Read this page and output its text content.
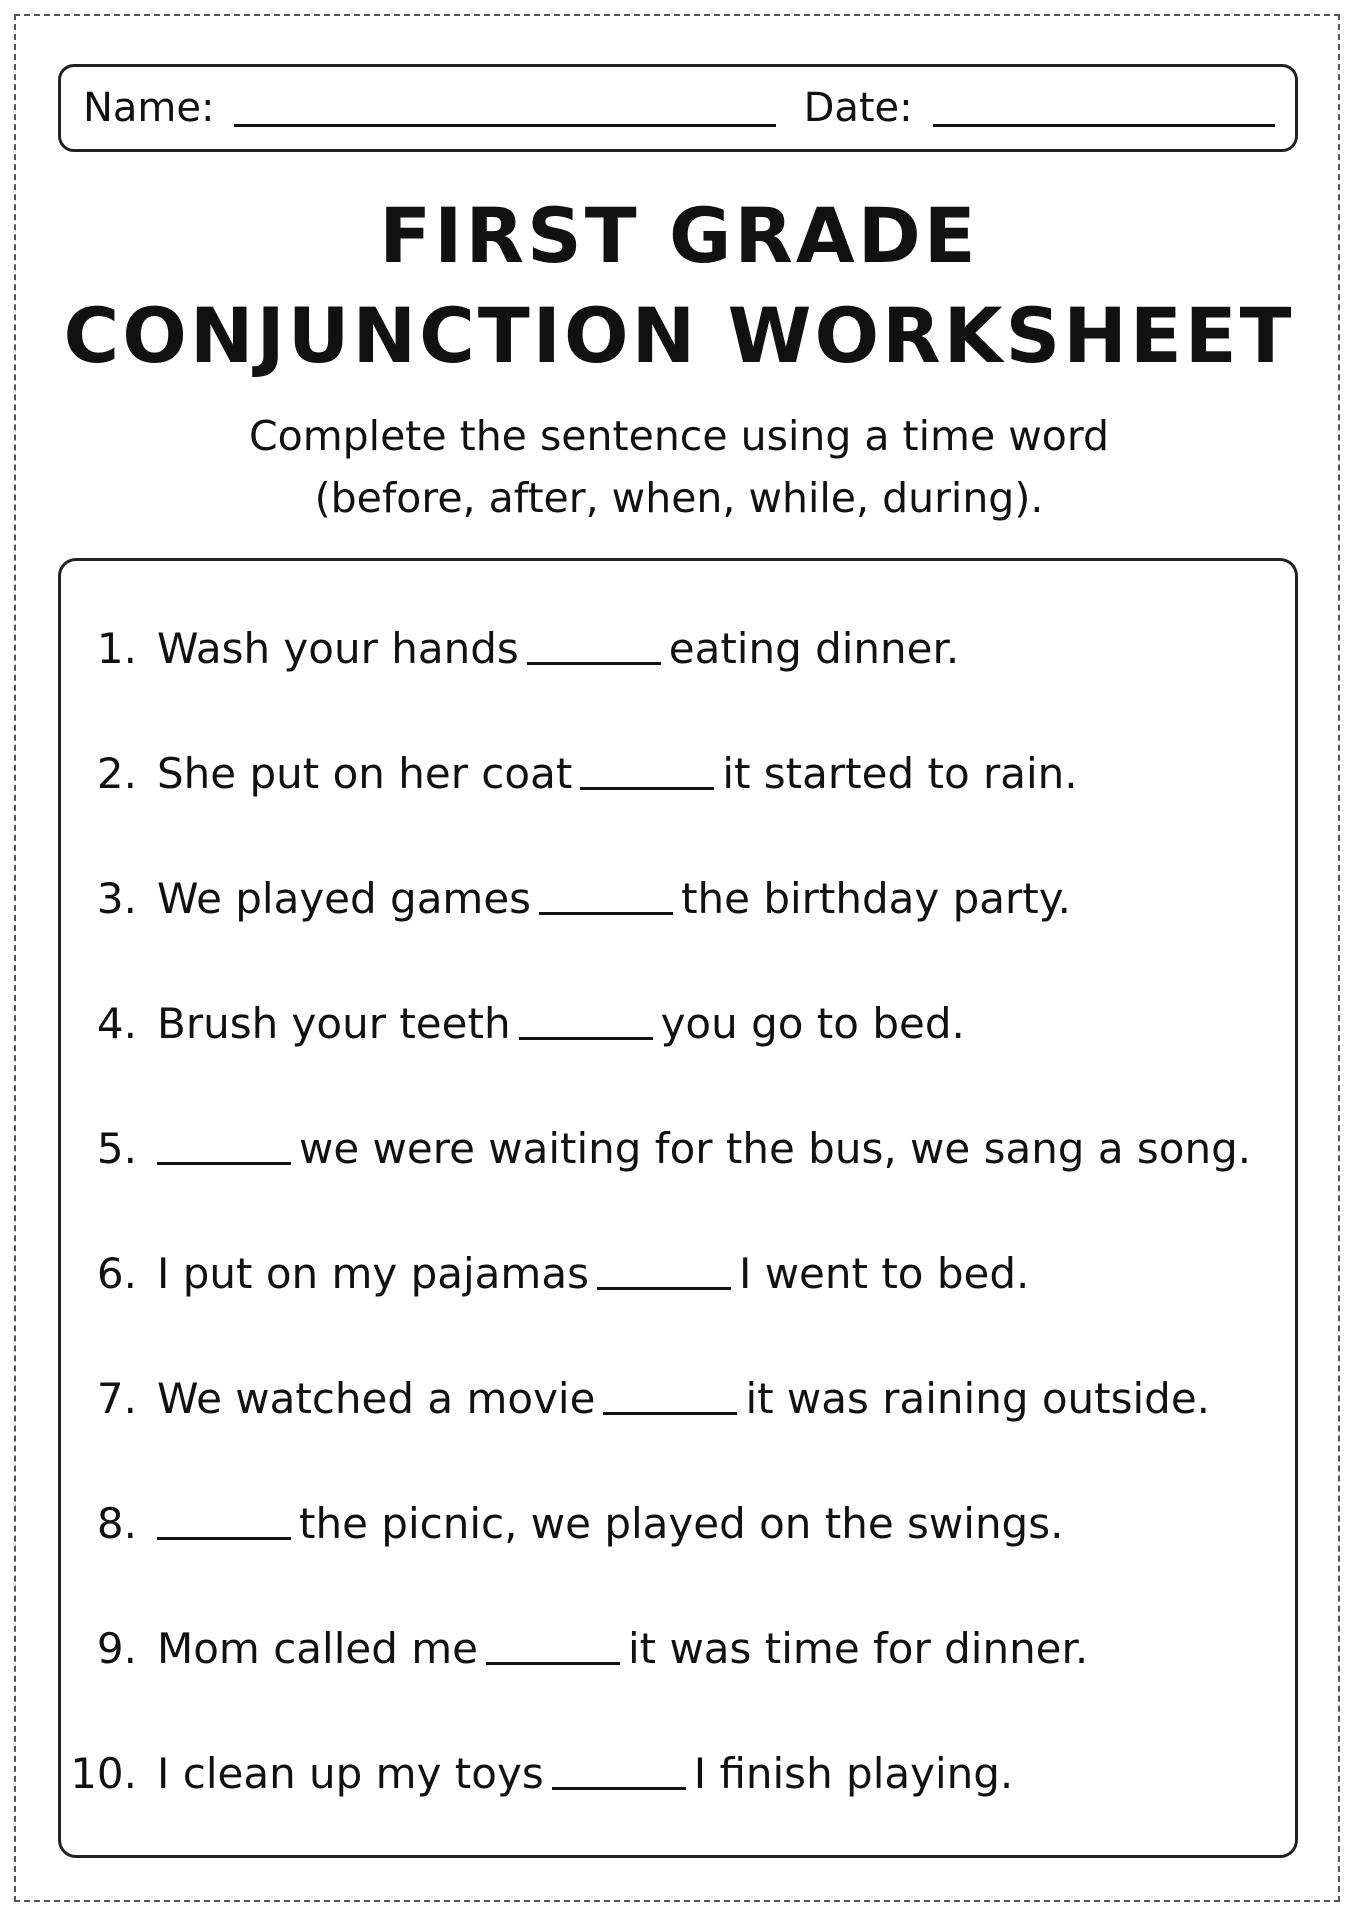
Name:	Date:
FIRST GRADE
CONJUNCTION WORKSHEET
Complete the sentence using a time word
(before, after, when, while, during).
1. Wash your hands	eating dinner.
2. She put on her coat	it started to rain.
3. We played games	the birthday party.
4. Brush your teeth	you go to bed.
5.	we were waiting for the bus, we sang a song.
6. I put on my pajamas	I went to bed.
7. We watched a movie	it was raining outside.
8.	the picnic, we played on the swings.
9. Mom called me	it was time for dinner.
10. I clean up my toys	I finish playing.
